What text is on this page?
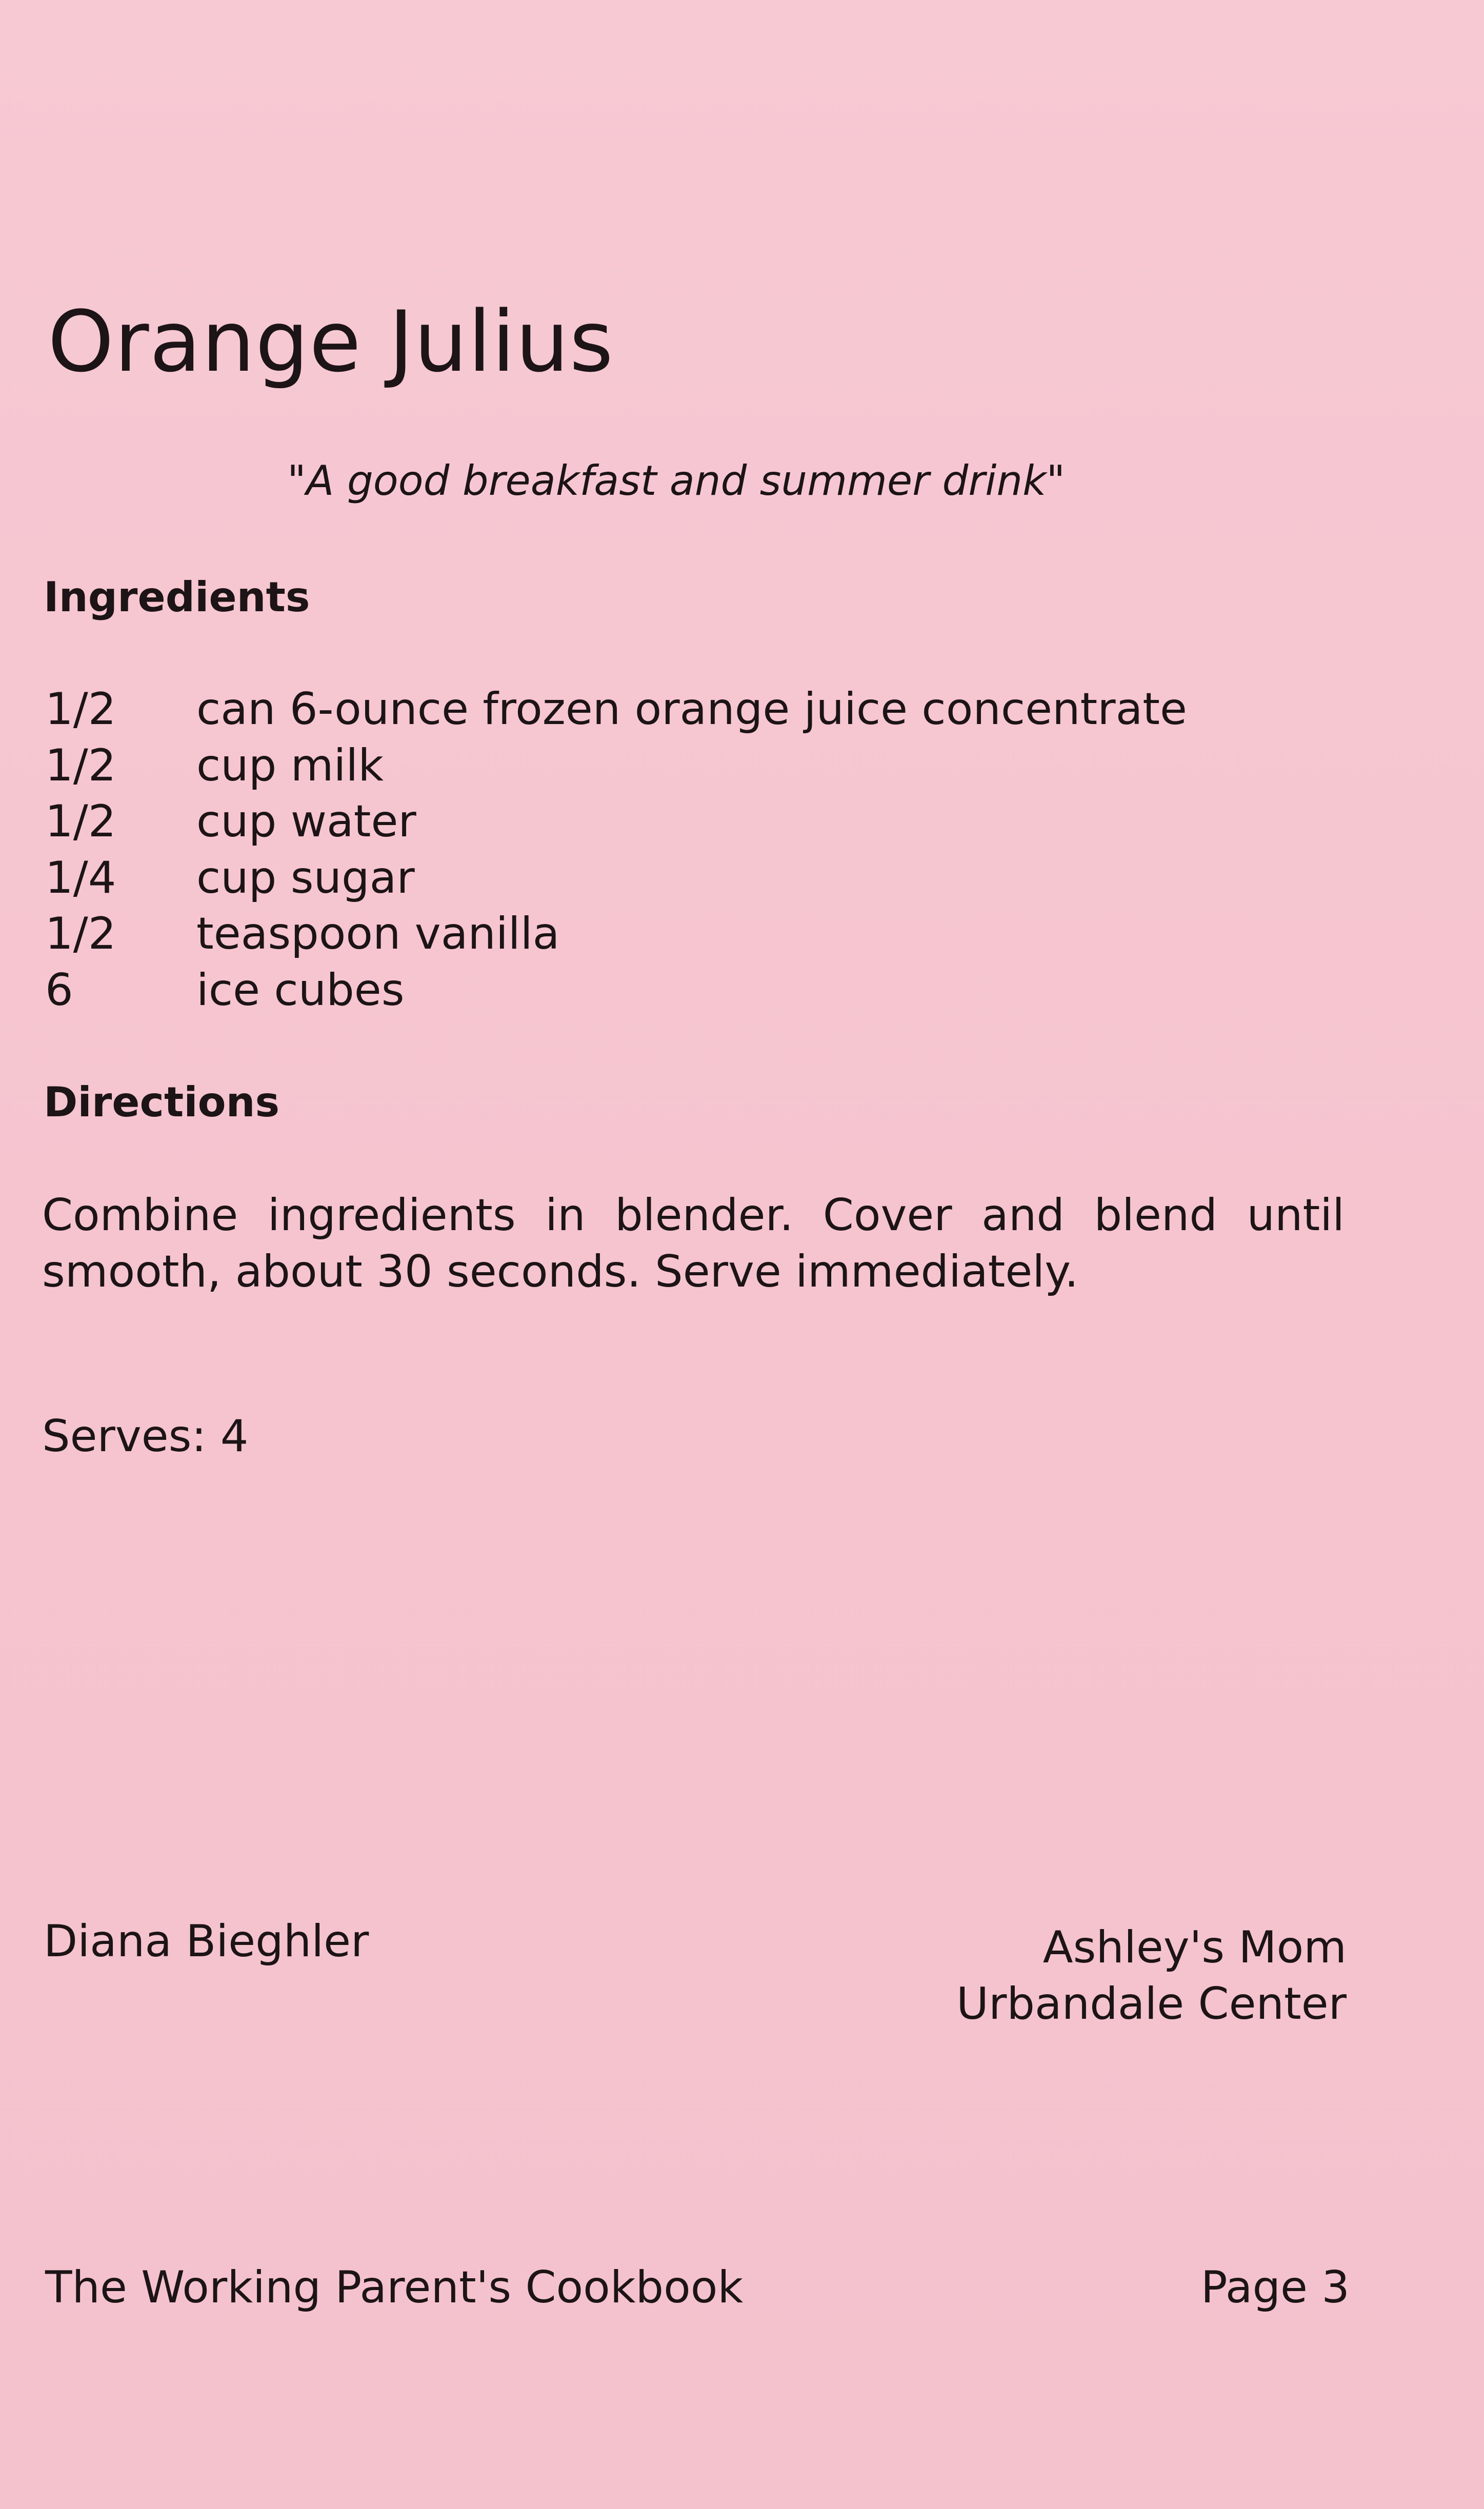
Orange Julius
"A good breakfast and summer drink"
Ingredients
1/2 can 6-ounce frozen orange juice concentrate
1/2 cup milk
1/2 cup water
1/4 cup sugar
1/2 teaspoon vanilla
6	ice cubes
Directions
Combine ingredients in blender. Cover and blend until smooth, about 30 seconds. Serve immediately.
Serves: 4
Diana Bieghler	Ashley's Mom
Urbandale Center
The Working Parent's Cookbook	Page 3
